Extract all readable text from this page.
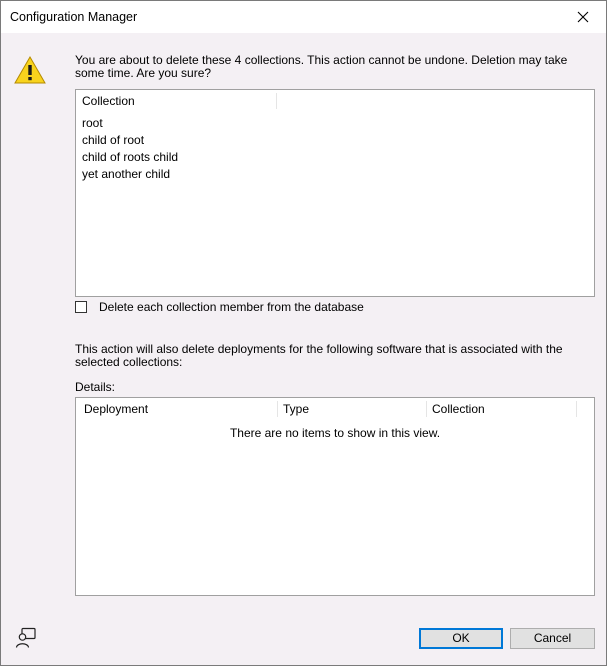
Configuration Manager
You are about to delete these 4 collections. This action cannot be undone. Deletion may take some time. Are you sure?
Collection
root
child of root
child of roots child
yet another child
Delete each collection member from the database
This action will also delete deployments for the following software that is associated with the selected collections:
Details:
Deployment	Type	Collection
There are no items to show in this view.
OK	Cancel
